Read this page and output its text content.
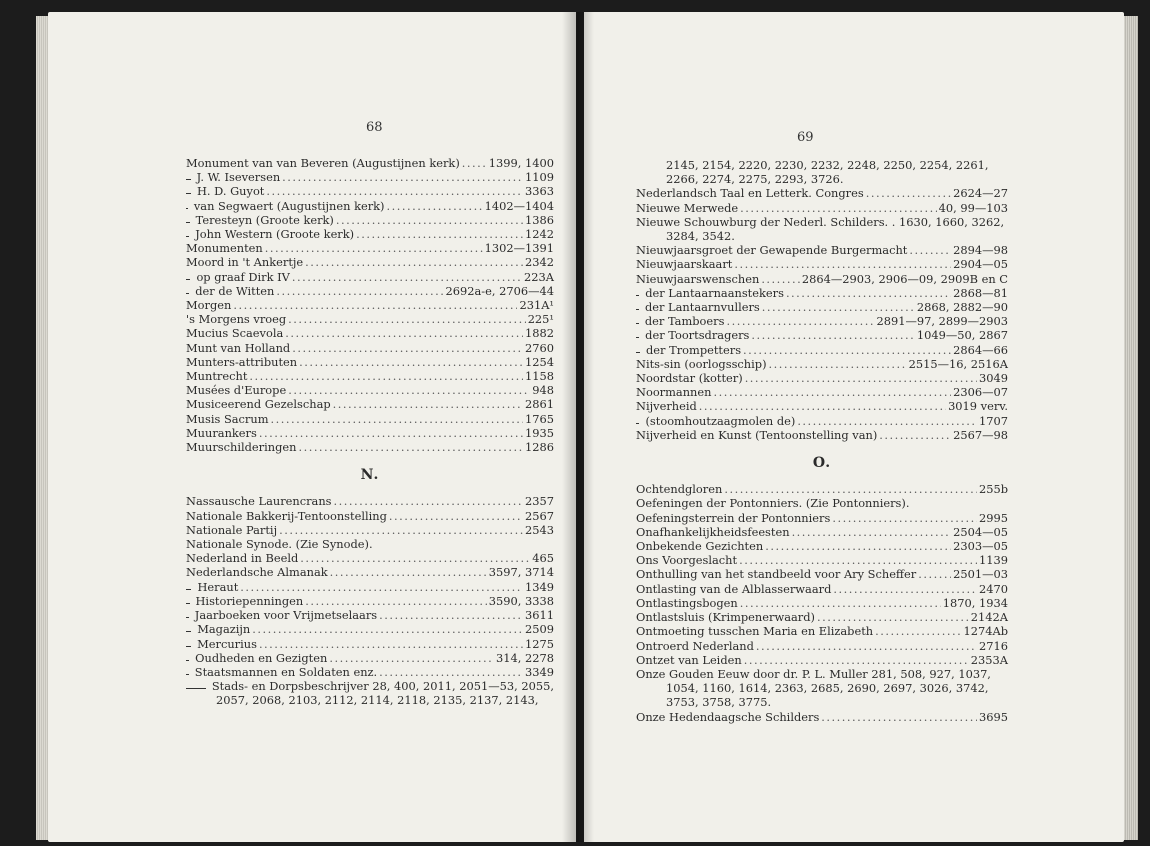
68
Monument van van Beveren (Augustijnen kerk) .....	1399, 1400
J. W. Iseversen .....	1109
H. D. Guyot .....	3363
van Segwaert (Augustijnen kerk) .....	1402—1404
Teresteyn (Groote kerk) .....	1386
John Western (Groote kerk) .....	1242
Monumenten .....	1302—1391
Moord in 't Ankertje .....	2342
op graaf Dirk IV .....	223A
der de Witten .....	2692a-e, 2706—44
Morgen .....	231A¹
's Morgens vroeg .....	225¹
Mucius Scaevola .....	1882
Munt van Holland .....	2760
Munters-attributen .....	1254
Muntrecht .....	1158
Musées d'Europe .....	948
Musiceerend Gezelschap .....	2861
Musis Sacrum .....	1765
Muurankers .....	1935
Muurschilderingen .....	1286
N.
Nassausche Laurencrans .....	2357
Nationale Bakkerij-Tentoonstelling .....	2567
Nationale Partij .....	2543
Nationale Synode. (Zie Synode).
Nederland in Beeld .....	465
Nederlandsche Almanak .....	3597, 3714
Heraut .....	1349
Historiepenningen .....	3590, 3338
Jaarboeken voor Vrijmetselaars .....	3611
Magazijn .....	2509
Mercurius .....	1275
Oudheden en Gezigten .....	314, 2278
Staatsmannen en Soldaten enz. .....	3349
Stads- en Dorpsbeschrijver 28, 400, 2011, 2051—53, 2055,
2057, 2068, 2103, 2112, 2114, 2118, 2135, 2137, 2143,
69
2145, 2154, 2220, 2230, 2232, 2248, 2250, 2254, 2261,
2266, 2274, 2275, 2293, 3726.
Nederlandsch Taal en Letterk. Congres .....	2624—27
Nieuwe Merwede .....	40, 99—103
Nieuwe Schouwburg der Nederl. Schilders. . 1630, 1660, 3262,
3284, 3542.
Nieuwjaarsgroet der Gewapende Burgermacht .....	2894—98
Nieuwjaarskaart .....	2904—05
Nieuwjaarswenschen .....	2864—2903, 2906—09, 2909B en C
der Lantaarnaanstekers .....	2868—81
der Lantaarnvullers .....	2868, 2882—90
der Tamboers .....	2891—97, 2899—2903
der Toortsdragers .....	1049—50, 2867
der Trompetters .....	2864—66
Nits-sin (oorlogsschip) .....	2515—16, 2516A
Noordstar (kotter) .....	3049
Noormannen .....	2306—07
Nijverheid .....	3019 verv.
(stoomhoutzaagmolen de) .....	1707
Nijverheid en Kunst (Tentoonstelling van) .....	2567—98
O.
Ochtendgloren .....	255b
Oefeningen der Pontonniers. (Zie Pontonniers).
Oefeningsterrein der Pontonniers .....	2995
Onafhankelijkheidsfeesten .....	2504—05
Onbekende Gezichten .....	2303—05
Ons Voorgeslacht .....	1139
Onthulling van het standbeeld voor Ary Scheffer .....	2501—03
Ontlasting van de Alblasserwaard .....	2470
Ontlastingsbogen .....	1870, 1934
Ontlastsluis (Krimpenerwaard) .....	2142A
Ontmoeting tusschen Maria en Elizabeth .....	1274Ab
Ontroerd Nederland .....	2716
Ontzet van Leiden .....	2353A
Onze Gouden Eeuw door dr. P. L. Muller 281, 508, 927, 1037,
1054, 1160, 1614, 2363, 2685, 2690, 2697, 3026, 3742,
3753, 3758, 3775.
Onze Hedendaagsche Schilders .....	3695
